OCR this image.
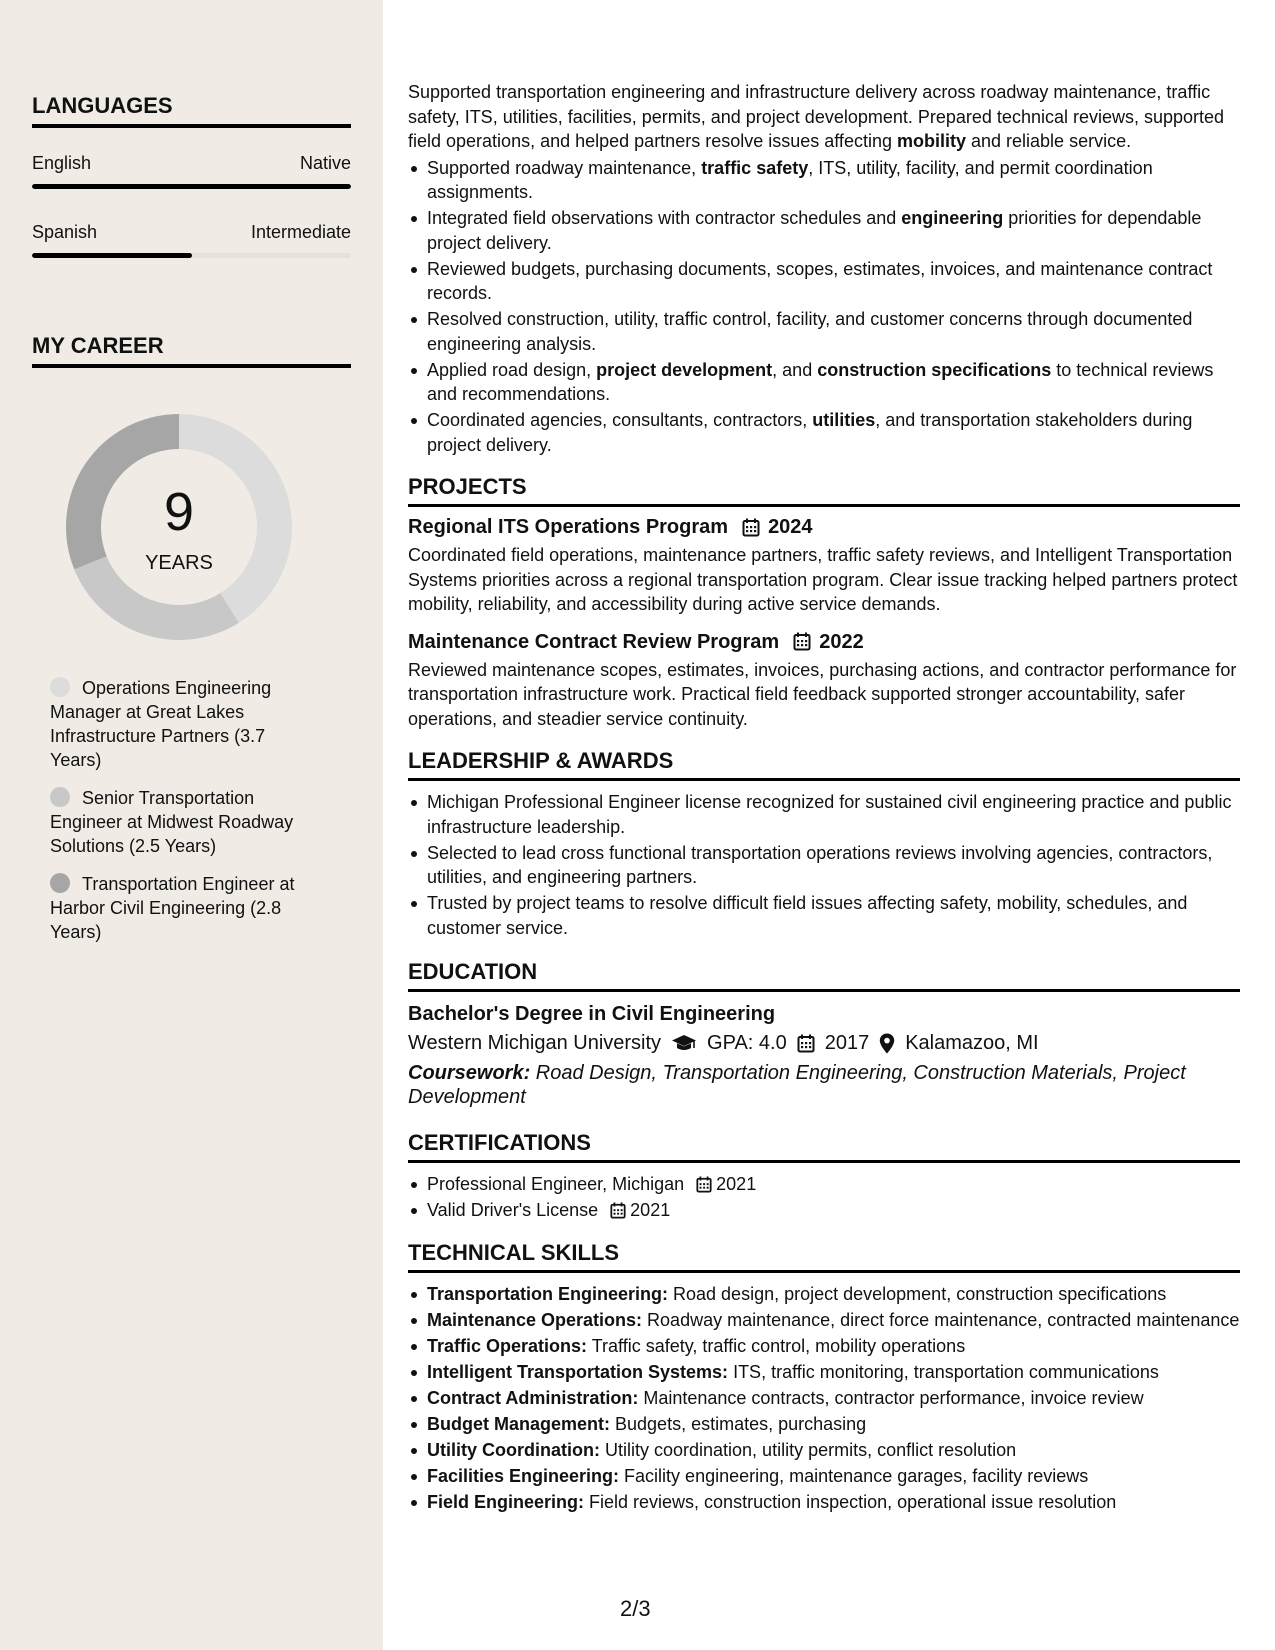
LANGUAGES
English	Native
Spanish	Intermediate
MY CAREER
9
YEARS
Operations Engineering Manager at Great Lakes Infrastructure Partners (3.7 Years)
Senior Transportation Engineer at Midwest Roadway Solutions (2.5 Years)
Transportation Engineer at Harbor Civil Engineering (2.8 Years)

Supported transportation engineering and infrastructure delivery across roadway maintenance, traffic safety, ITS, utilities, facilities, permits, and project development. Prepared technical reviews, supported field operations, and helped partners resolve issues affecting mobility and reliable service.

Supported roadway maintenance, traffic safety, ITS, utility, facility, and permit coordination assignments.
Integrated field observations with contractor schedules and engineering priorities for dependable project delivery.
Reviewed budgets, purchasing documents, scopes, estimates, invoices, and maintenance contract records.
Resolved construction, utility, traffic control, facility, and customer concerns through documented engineering analysis.
Applied road design, project development, and construction specifications to technical reviews and recommendations.
Coordinated agencies, consultants, contractors, utilities, and transportation stakeholders during project delivery.
PROJECTS
Regional ITS Operations Program 2024

Coordinated field operations, maintenance partners, traffic safety reviews, and Intelligent Transportation Systems priorities across a regional transportation program. Clear issue tracking helped partners protect mobility, reliability, and accessibility during active service demands.

Maintenance Contract Review Program 2022

Reviewed maintenance scopes, estimates, invoices, purchasing actions, and contractor performance for transportation infrastructure work. Practical field feedback supported stronger accountability, safer operations, and steadier service continuity.

LEADERSHIP & AWARDS
Michigan Professional Engineer license recognized for sustained civil engineering practice and public infrastructure leadership.
Selected to lead cross functional transportation operations reviews involving agencies, contractors, utilities, and engineering partners.
Trusted by project teams to resolve difficult field issues affecting safety, mobility, schedules, and customer service.
EDUCATION
Bachelor's Degree in Civil Engineering
Western Michigan University GPA: 4.0 2017 Kalamazoo, MI

Coursework: Road Design, Transportation Engineering, Construction Materials, Project Development

CERTIFICATIONS
Professional Engineer, Michigan 2021
Valid Driver's License 2021
TECHNICAL SKILLS
Transportation Engineering: Road design, project development, construction specifications
Maintenance Operations: Roadway maintenance, direct force maintenance, contracted maintenance
Traffic Operations: Traffic safety, traffic control, mobility operations
Intelligent Transportation Systems: ITS, traffic monitoring, transportation communications
Contract Administration: Maintenance contracts, contractor performance, invoice review
Budget Management: Budgets, estimates, purchasing
Utility Coordination: Utility coordination, utility permits, conflict resolution
Facilities Engineering: Facility engineering, maintenance garages, facility reviews
Field Engineering: Field reviews, construction inspection, operational issue resolution
2/3
